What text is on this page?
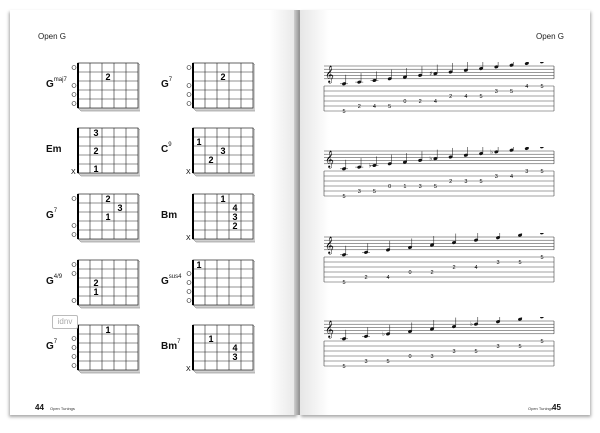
Open G
$G^{maj7}$	2
$G^7$	2
Em
X
3
2
1
$C^9$
X
1
3
2
$G^7$
2
3
1	Bm
X
1
4
3
2
$G^{4/9}$
2
1
$G^{sus4}$
1
$G^7$
1
Bm$^7$
X
1
4
3
idnv
44 Open Tunings
Open G
𝄞
5
2 4 5
0 2
♯
4
2 4 5
3 5
4 5
𝄞
5
3
♭
5
0 1 3
♭
5
2 3 5
♭
3 4
3 5
𝄞
5
2	4
0	2
2	4
3	5
5
𝄞
5
3
♭
5
0	3
3
♭
5
3	5
5
Open Tunings 45
